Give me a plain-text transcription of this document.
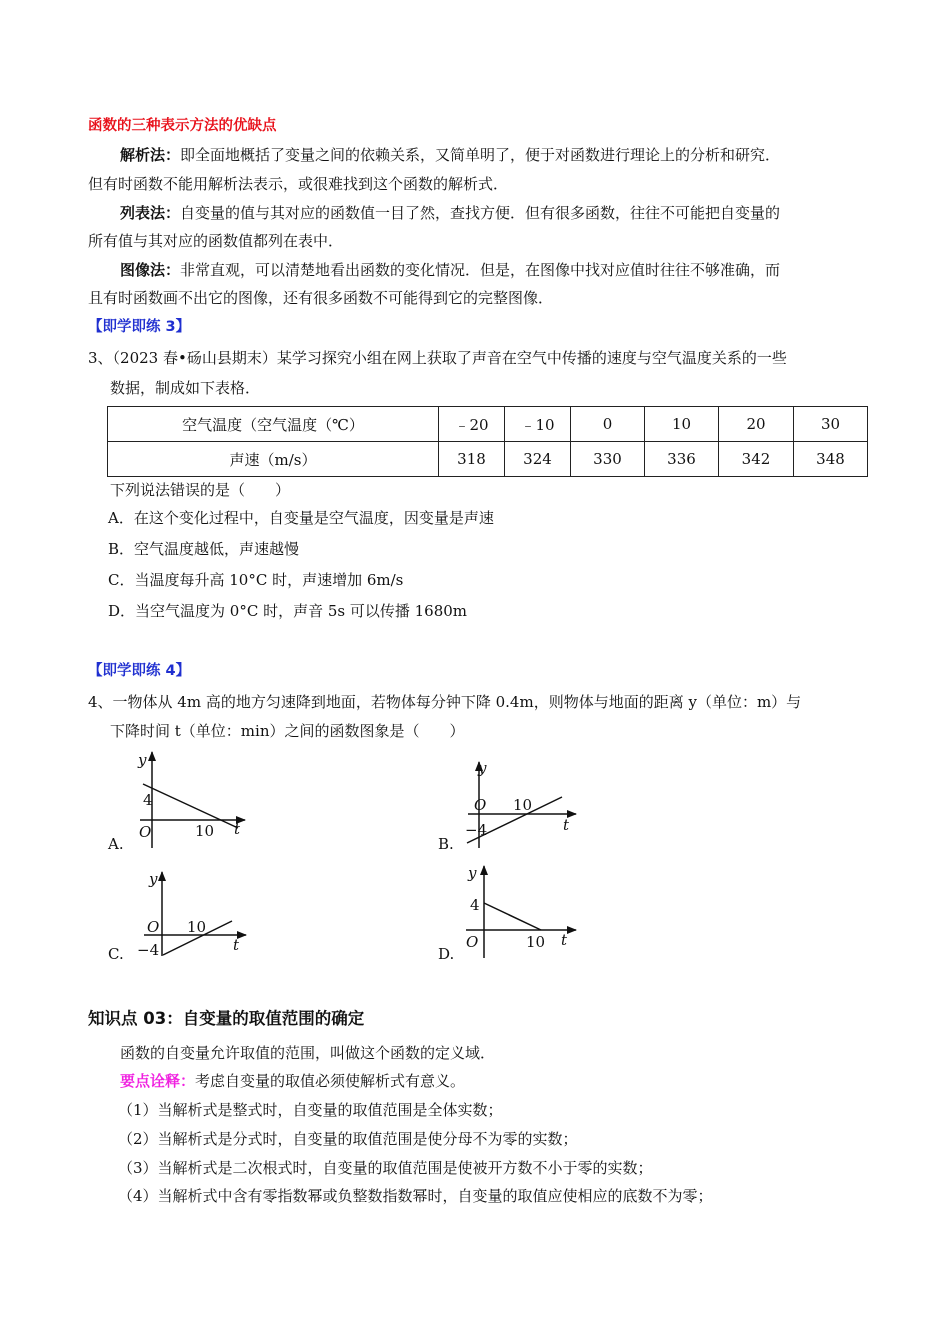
函数的三种表示方法的优缺点
解析法：即全面地概括了变量之间的依赖关系，又简单明了，便于对函数进行理论上的分析和研究．
但有时函数不能用解析法表示，或很难找到这个函数的解析式．
列表法：自变量的值与其对应的函数值一目了然，查找方便．但有很多函数，往往不可能把自变量的
所有值与其对应的函数值都列在表中．
图像法：非常直观，可以清楚地看出函数的变化情况．但是，在图像中找对应值时往往不够准确，而
且有时函数画不出它的图像，还有很多函数不可能得到它的完整图像．
【即学即练 3】
3、（2023 春•砀山县期末）某学习探究小组在网上获取了声音在空气中传播的速度与空气温度关系的一些
数据，制成如下表格．
空气温度（空气温度（℃）	﹣20	﹣10	0	10	20	30
声速（m/s）	318	324	330	336	342	348
下列说法错误的是（　　）
A．在这个变化过程中，自变量是空气温度，因变量是声速
B．空气温度越低，声速越慢
C．当温度每升高 10°C 时，声速增加 6m/s
D．当空气温度为 0°C 时，声音 5s 可以传播 1680m
【即学即练 4】
4、一物体从 4m 高的地方匀速降到地面，若物体每分钟下降 0.4m，则物体与地面的距离 y（单位：m）与
下降时间 t（单位：min）之间的函数图象是（　　）
A.
y
4
O	10 t
B.
y
O 10
−4	t
C.
y
O 10
−4	t	D.
y
4
O	10 t
知识点 03：自变量的取值范围的确定
函数的自变量允许取值的范围，叫做这个函数的定义域．
要点诠释：考虑自变量的取值必须使解析式有意义。
（1）当解析式是整式时，自变量的取值范围是全体实数；
（2）当解析式是分式时，自变量的取值范围是使分母不为零的实数；
（3）当解析式是二次根式时，自变量的取值范围是使被开方数不小于零的实数；
（4）当解析式中含有零指数幂或负整数指数幂时，自变量的取值应使相应的底数不为零；
